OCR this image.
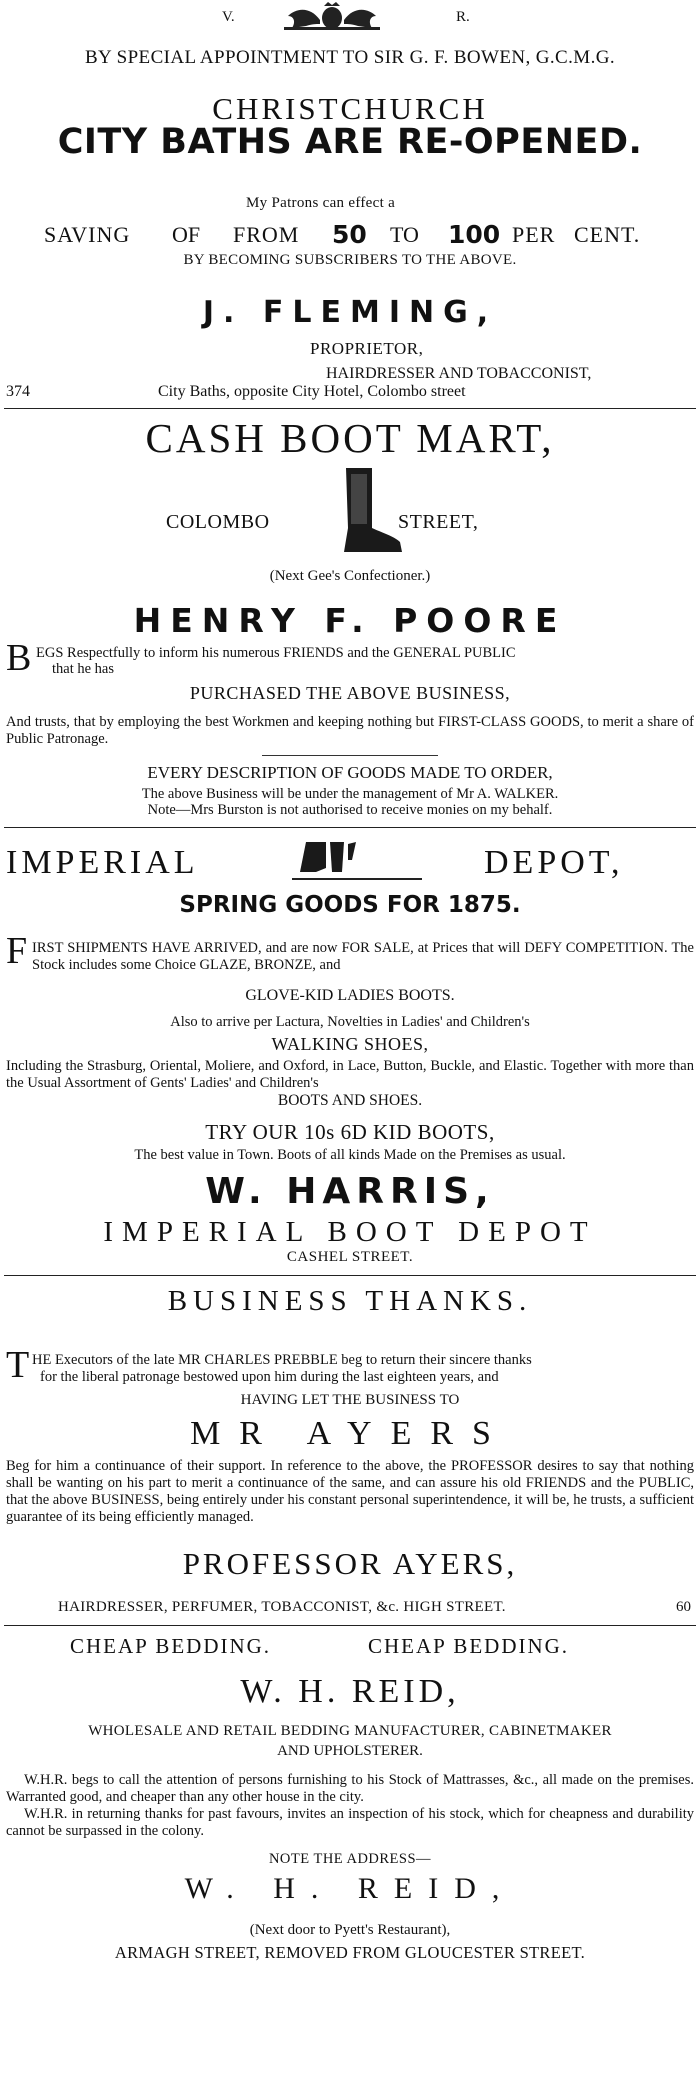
V.	R.
BY SPECIAL APPOINTMENT TO SIR G. F. BOWEN, G.C.M.G.
CHRISTCHURCH
CITY BATHS ARE RE-OPENED.
My Patrons can effect a
SAVING OF FROM 50 TO 100 PER CENT.
BY BECOMING SUBSCRIBERS TO THE ABOVE.
J. FLEMING,
PROPRIETOR,
HAIRDRESSER AND TOBACCONIST,
374	City Baths, opposite City Hotel, Colombo street
CASH BOOT MART,
COLOMBO	STREET,
(Next Gee's Confectioner.)
HENRY F. POORE
B EGS Respectfully to inform his numerous FRIENDS and the GENERAL PUBLIC
that he has
PURCHASED THE ABOVE BUSINESS,
And trusts, that by employing the best Workmen and keeping nothing but FIRST-CLASS GOODS, to merit a share of Public Patronage.
EVERY DESCRIPTION OF GOODS MADE TO ORDER,
The above Business will be under the management of Mr A. WALKER.
Note—Mrs Burston is not authorised to receive monies on my behalf.
IMPERIAL	DEPOT,
SPRING GOODS FOR 1875.
F IRST SHIPMENTS HAVE ARRIVED, and are now FOR SALE, at Prices that will DEFY COMPETITION. The Stock includes some Choice GLAZE, BRONZE, and
GLOVE-KID LADIES BOOTS.
Also to arrive per Lactura, Novelties in Ladies' and Children's
WALKING SHOES,
Including the Strasburg, Oriental, Moliere, and Oxford, in Lace, Button, Buckle, and Elastic. Together with more than the Usual Assortment of Gents' Ladies' and Children's
BOOTS AND SHOES.
TRY OUR 10s 6D KID BOOTS,
The best value in Town. Boots of all kinds Made on the Premises as usual.
W. HARRIS,
IMPERIAL BOOT DEPOT
CASHEL STREET.
BUSINESS THANKS.
T HE Executors of the late MR CHARLES PREBBLE beg to return their sincere thanks
for the liberal patronage bestowed upon him during the last eighteen years, and
HAVING LET THE BUSINESS TO
MR AYERS
Beg for him a continuance of their support. In reference to the above, the PROFESSOR desires to say that nothing shall be wanting on his part to merit a continuance of the same, and can assure his old FRIENDS and the PUBLIC, that the above BUSINESS, being entirely under his constant personal superintendence, it will be, he trusts, a sufficient guarantee of its being efficiently managed.
PROFESSOR AYERS,
HAIRDRESSER, PERFUMER, TOBACCONIST, &c. HIGH STREET.	60
CHEAP BEDDING.	CHEAP BEDDING.
W. H. REID,
WHOLESALE AND RETAIL BEDDING MANUFACTURER, CABINETMAKER
AND UPHOLSTERER.
W.H.R. begs to call the attention of persons furnishing to his Stock of Mattrasses, &c., all made on the premises. Warranted good, and cheaper than any other house in the city.
W.H.R. in returning thanks for past favours, invites an inspection of his stock, which for cheapness and durability cannot be surpassed in the colony.
NOTE THE ADDRESS—
W. H. REID,
(Next door to Pyett's Restaurant),
ARMAGH STREET, REMOVED FROM GLOUCESTER STREET.
